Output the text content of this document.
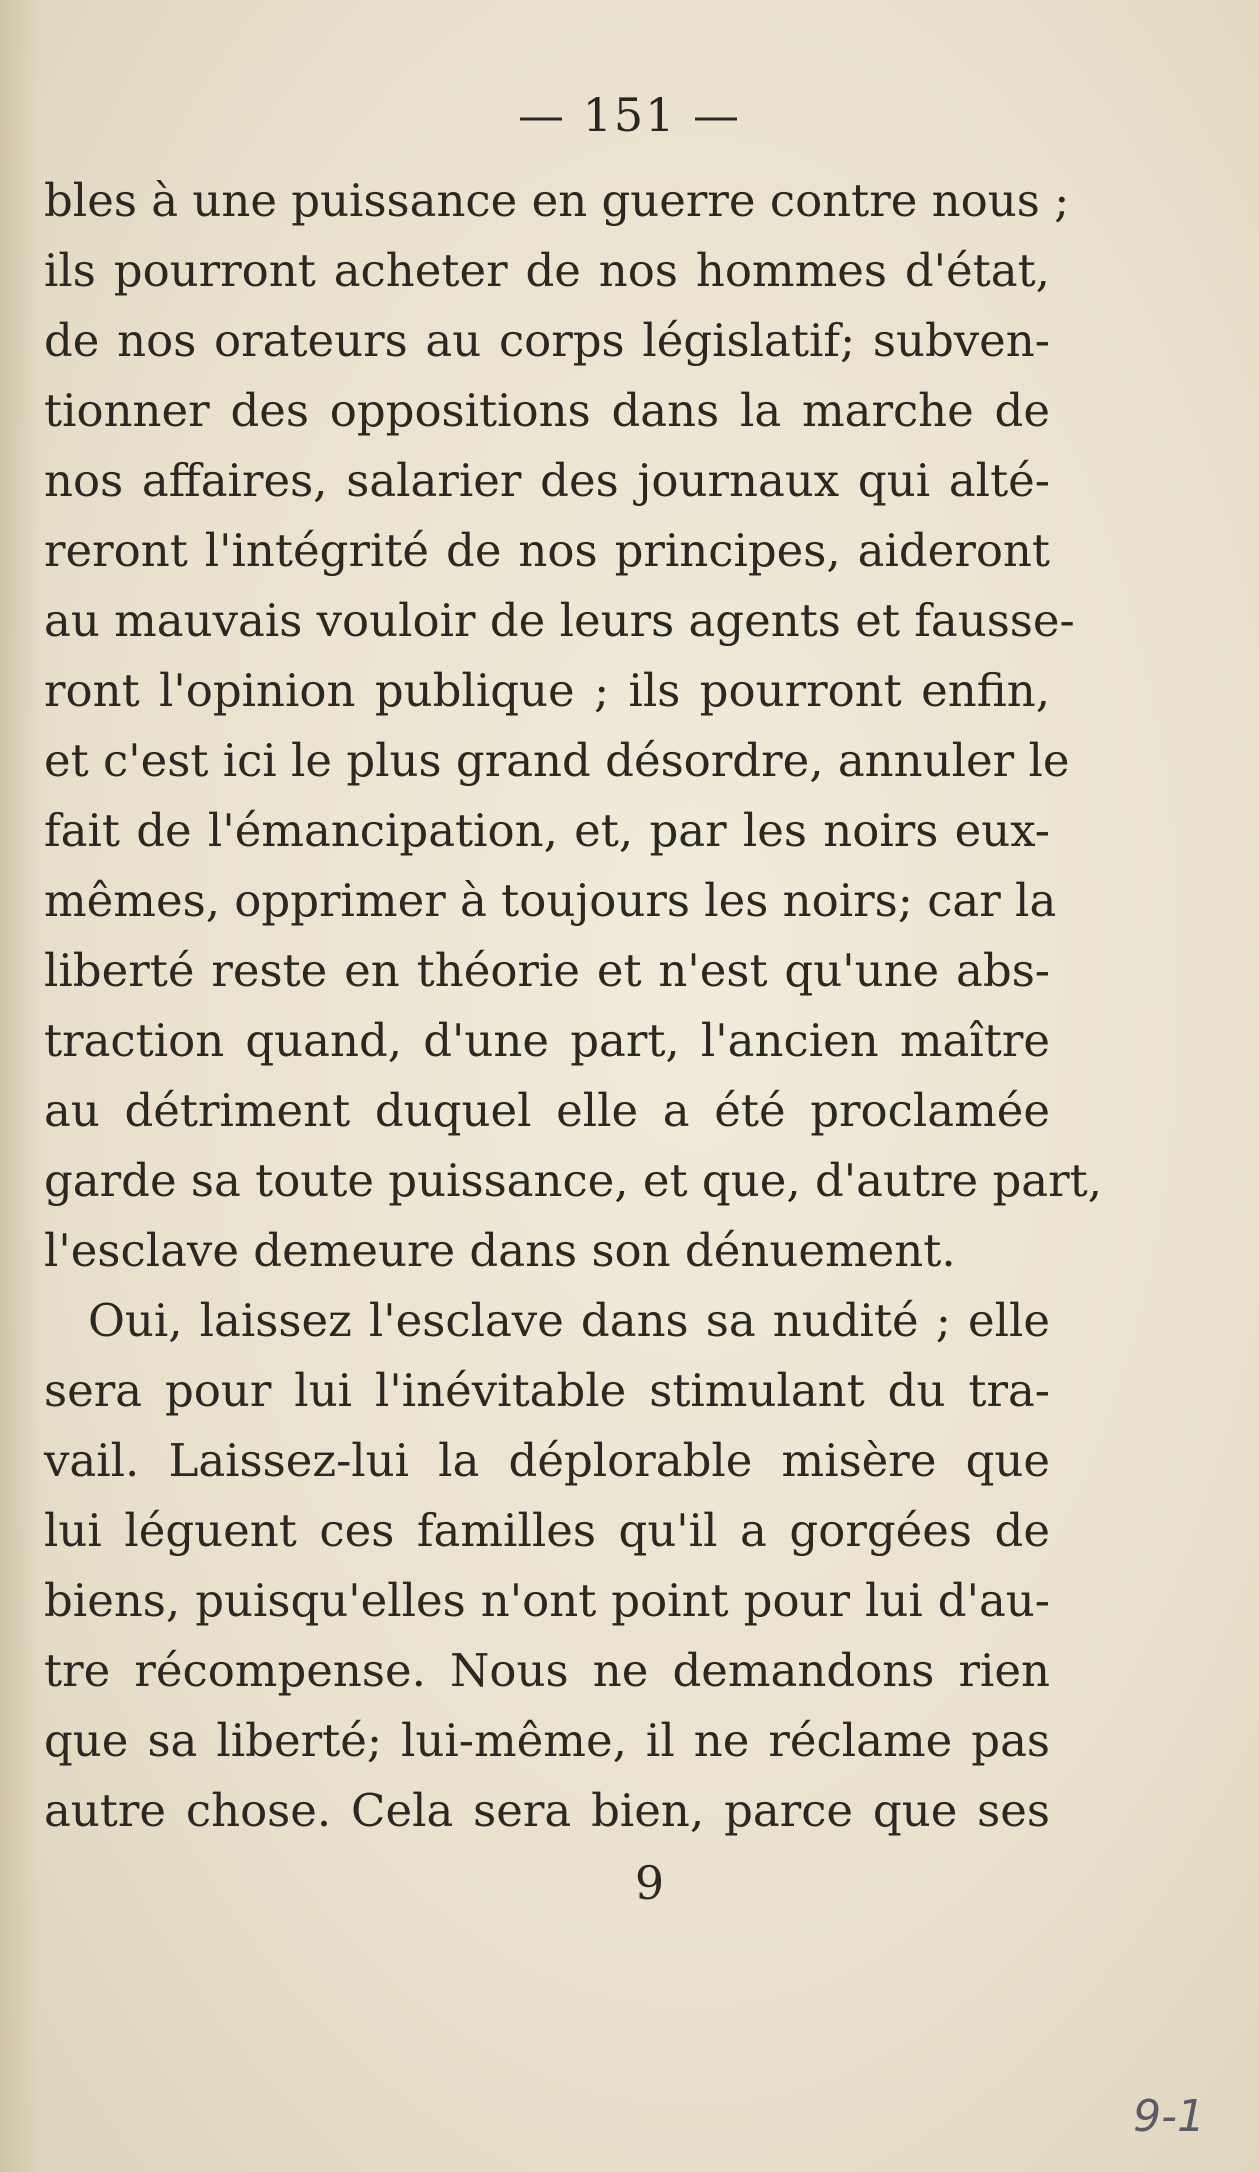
— 151 —
bles à une puissance en guerre contre nous ;
ils pourront acheter de nos hommes d'état,
de nos orateurs au corps législatif; subven-
tionner des oppositions dans la marche de
nos affaires, salarier des journaux qui alté-
reront l'intégrité de nos principes, aideront
au mauvais vouloir de leurs agents et fausse-
ront l'opinion publique ; ils pourront enfin,
et c'est ici le plus grand désordre, annuler le
fait de l'émancipation, et, par les noirs eux-
mêmes, opprimer à toujours les noirs; car la
liberté reste en théorie et n'est qu'une abs-
traction quand, d'une part, l'ancien maître
au détriment duquel elle a été proclamée
garde sa toute puissance, et que, d'autre part,
l'esclave demeure dans son dénuement.
Oui, laissez l'esclave dans sa nudité ; elle
sera pour lui l'inévitable stimulant du tra-
vail. Laissez-lui la déplorable misère que
lui léguent ces familles qu'il a gorgées de
biens, puisqu'elles n'ont point pour lui d'au-
tre récompense. Nous ne demandons rien
que sa liberté; lui-même, il ne réclame pas
autre chose. Cela sera bien, parce que ses
9
9-1
